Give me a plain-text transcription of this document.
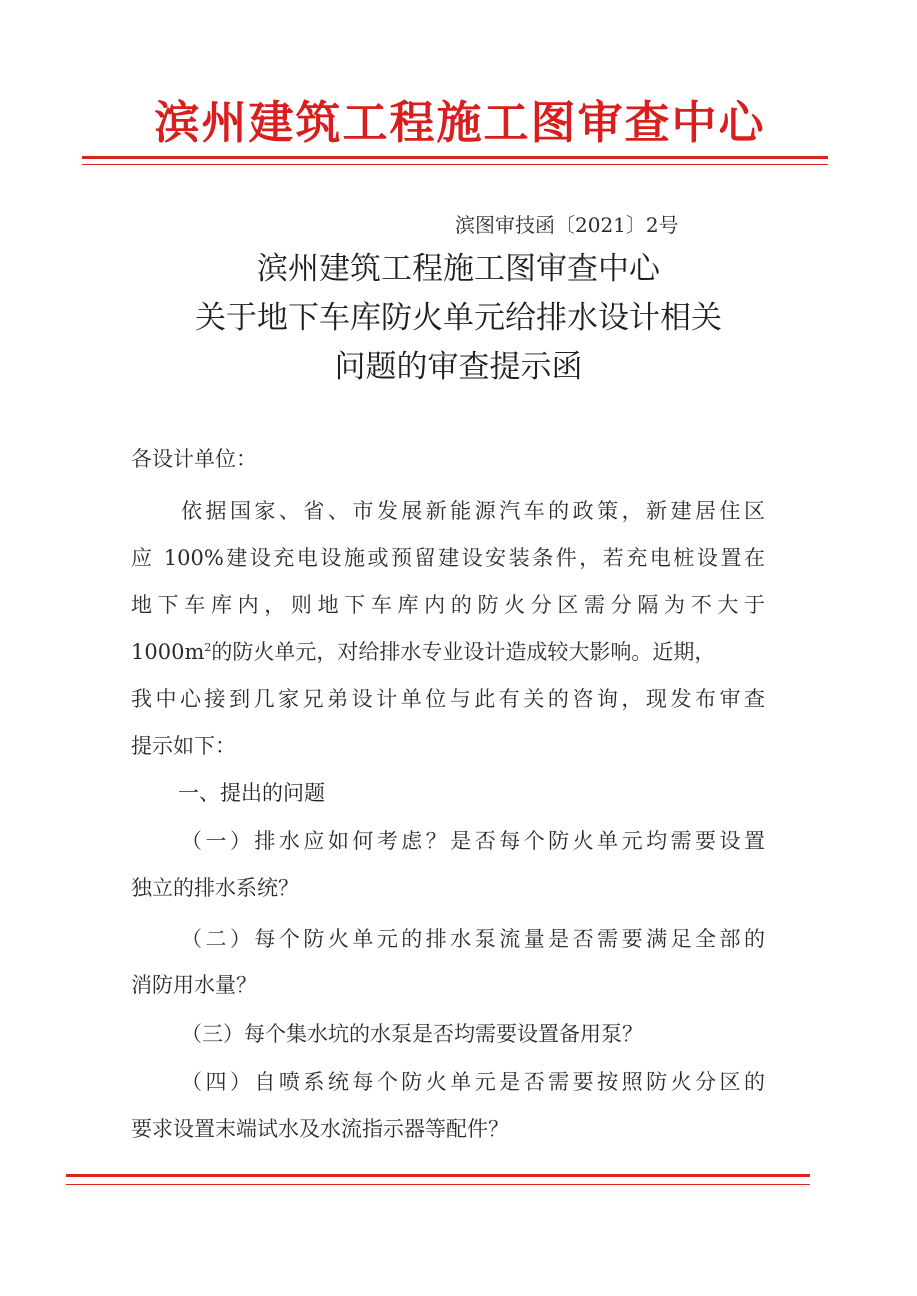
滨州建筑工程施工图审查中心
滨图审技函〔2021〕2号
滨州建筑工程施工图审查中心
关于地下车库防火单元给排水设计相关
问题的审查提示函
各设计单位：
依据国家、省、市发展新能源汽车的政策，新建居住区
应 100%建设充电设施或预留建设安装条件，若充电桩设置在
地下车库内，则地下车库内的防火分区需分隔为不大于
$1000m^2$的防火单元，对给排水专业设计造成较大影响。近期，
我中心接到几家兄弟设计单位与此有关的咨询，现发布审查
提示如下：
一、提出的问题
（一）排水应如何考虑？是否每个防火单元均需要设置
独立的排水系统？
（二）每个防火单元的排水泵流量是否需要满足全部的
消防用水量？
（三）每个集水坑的水泵是否均需要设置备用泵？
（四）自喷系统每个防火单元是否需要按照防火分区的
要求设置末端试水及水流指示器等配件？
